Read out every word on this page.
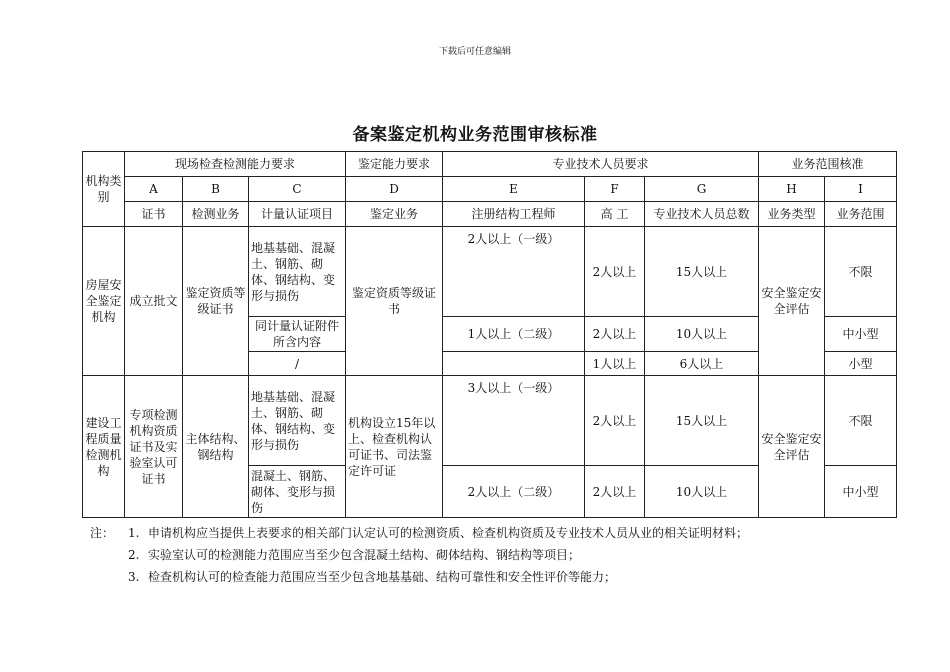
下载后可任意编辑
备案鉴定机构业务范围审核标准
机构类别	现场检查检测能力要求			鉴定能力要求	专业技术人员要求			业务范围核准	
	A	B	C	D	E	F	G	H	I
	证书	检测业务	计量认证项目	鉴定业务	注册结构工程师	高 工	专业技术人员总数	业务类型	业务范围
房屋安全鉴定机构	成立批文	鉴定资质等级证书	地基基础、混凝土、钢筋、砌体、钢结构、变形与损伤	鉴定资质等级证书	2人以上（一级）	2人以上	15人以上	安全鉴定安全评估	不限
			同计量认证附件所含内容		1人以上（二级）	2人以上	10人以上		中小型
			/			1人以上	6人以上		小型
建设工程质量检测机构	专项检测机构资质证书及实验室认可证书	主体结构、钢结构	地基基础、混凝土、钢筋、砌体、钢结构、变形与损伤	机构设立15年以上、检查机构认可证书、司法鉴定许可证	3人以上（一级）	2人以上	15人以上	安全鉴定安全评估	不限
			混凝土、钢筋、砌体、变形与损伤		2人以上（二级）	2人以上	10人以上		中小型
注： 1. 申请机构应当提供上表要求的相关部门认定认可的检测资质、检查机构资质及专业技术人员从业的相关证明材料；
2. 实验室认可的检测能力范围应当至少包含混凝土结构、砌体结构、钢结构等项目；
3. 检查机构认可的检查能力范围应当至少包含地基基础、结构可靠性和安全性评价等能力；
